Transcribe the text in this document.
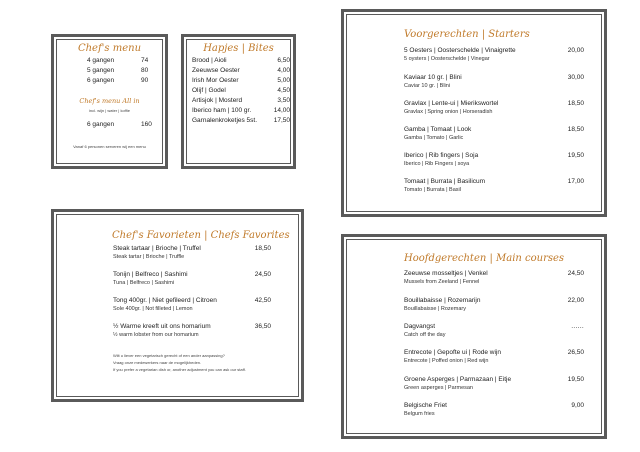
Chef's menu
4 gangen	74
5 gangen	80
6 gangen	90
Chef's menu All in
incl. wijn | water | koffie
6 gangen	160
Vanaf 6 personen serveren wij een menu
Hapjes | Bites
Brood | Aioli	6,50
Zeeuwse Oester	4,00
Irish Mor Oester	5,00
Olijf | Godel	4,50
Artisjok | Mosterd	3,50
Iberico ham | 100 gr.	14,00
Garnalenkroketjes 5st.	17,50
Voorgerechten | Starters
5 Oesters | Oosterschelde | Vinaigrette
5 oysters | Oosterschelde | Vinegar
20,00
Kaviaar 10 gr. | Blini
Caviar 10 gr. | Blini
30,00
Gravlax | Lente-ui | Mierikswortel
Gravlax | Spring onion | Horseradish
18,50
Gamba | Tomaat | Look
Gamba | Tomato | Garlic
18,50
Iberico | Rib fingers | Soja
Iberico | Rib Fingers | soya
19,50
Tomaat | Burrata | Basilicum
Tomato | Burrata | Basil
17,00
Chef's Favorieten | Chefs Favorites
Steak tartaar | Brioche | Truffel
Steak tartar | Brioche | Truffle
18,50
Tonijn | Belfreco | Sashimi
Tuna | Belfreco | Sashimi
24,50
Tong 400gr. | Niet gefileerd | Citroen
Sole 400gr. | Not filleted | Lemon
42,50
½ Warme kreeft uit ons homarium
½ warm lobster from our homarium
36,50
Wilt u liever een vegetarisch gerecht of een ander aanpassing?
Vraag onze medewerkers naar de mogelijkheden.
If you prefer a vegetarian dish or, another adjustment you can ask our staff.
Hoofdgerechten | Main courses
Zeeuwse mosseltjes | Venkel
Mussels from Zeeland | Fennel
24,50
Bouillabaisse | Rozemarijn
Bouillabaisse | Rozemary
22,00
Dagvangst
Catch off the day
……
Entrecote | Gepofte ui | Rode wijn
Entrecote | Poffed onion | Red wijn
26,50
Groene Asperges | Parmazaan | Eitje
Green asperges | Parmesan
19,50
Belgische Friet
Belgum fries
9,00
